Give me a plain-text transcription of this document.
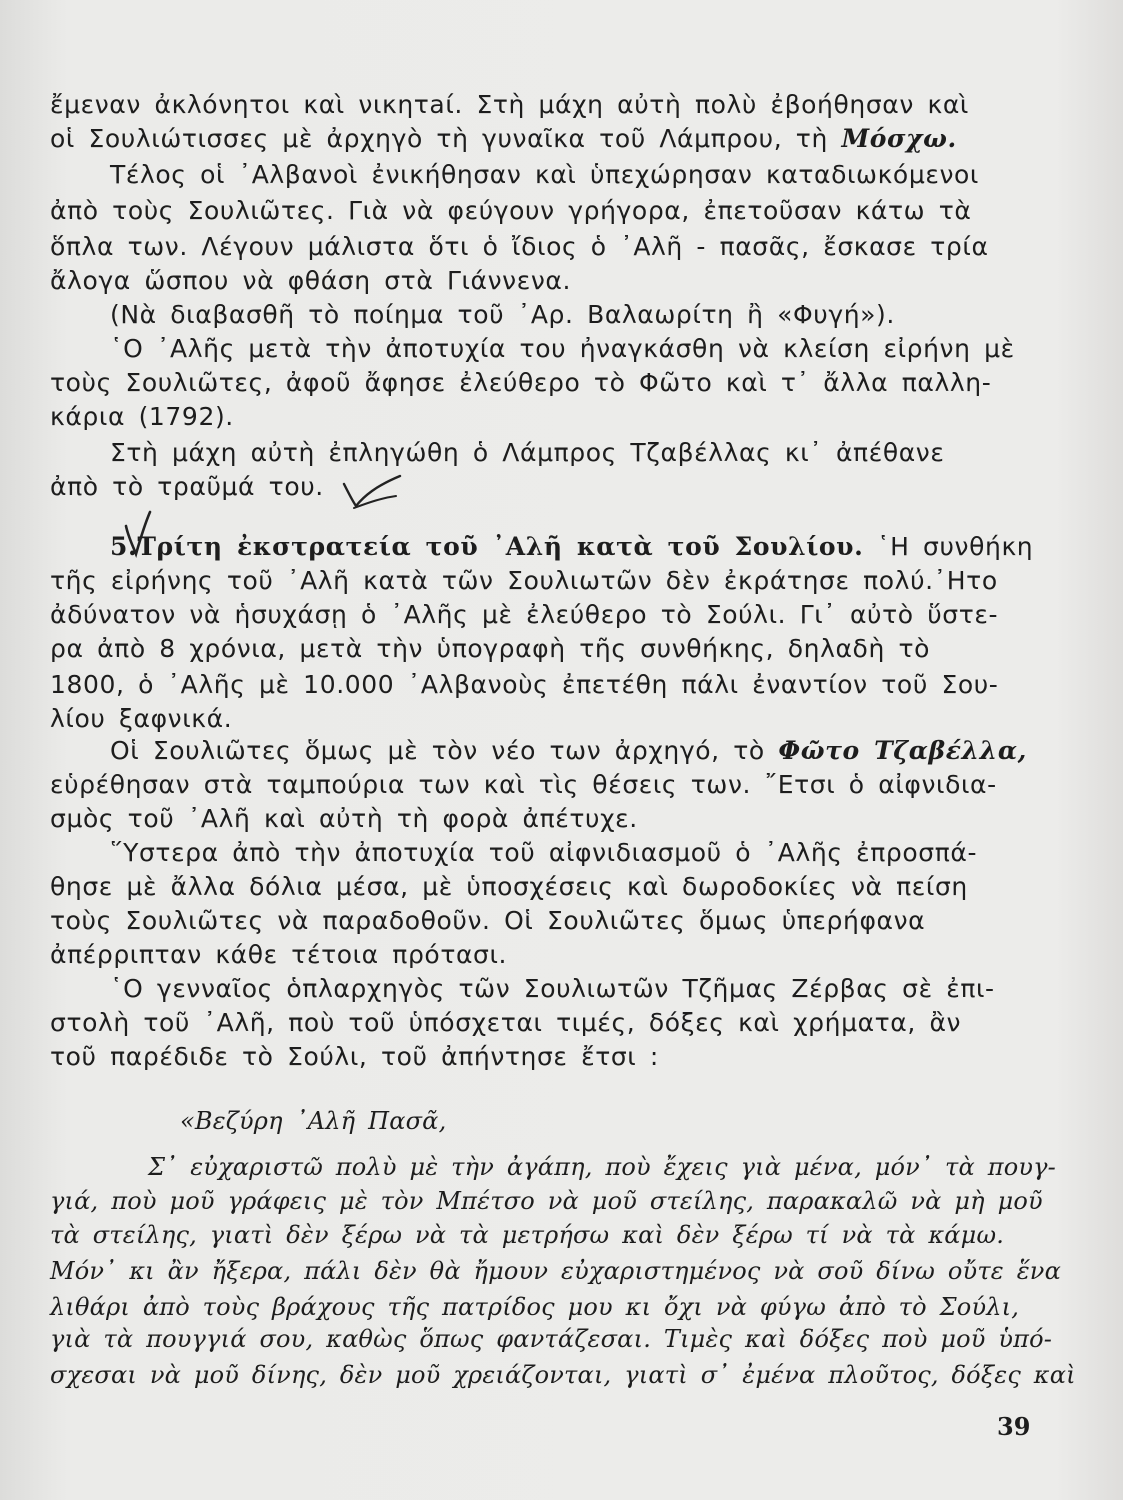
ἔμεναν ἀκλόνητοι καὶ νικητaί. Στὴ μάχη αὐτὴ πολὺ ἐβοήθησαν καὶ
οἱ Σουλιώτισσες μὲ ἀρχηγὸ τὴ γυναῖκα τοῦ Λάμπρου, τὴ Μόσχω.
Τέλος οἱ ᾿Αλβανοὶ ἐνικήθησαν καὶ ὑπεχώρησαν καταδιωκόμενοι
ἀπὸ τοὺς Σουλιῶτες. Γιὰ νὰ φεύγουν γρήγορα, ἐπετοῦσαν κάτω τὰ
ὅπλα των. Λέγουν μάλιστα ὅτι ὁ ἴδιος ὁ ᾿Αλῆ - πασᾶς, ἔσκασε τρία
ἄλογα ὥσπου νὰ φθάση στὰ Γιάννενα.
(Νὰ διαβασθῆ τὸ ποίημα τοῦ ᾿Αρ. Βαλαωρίτη ἢ «Φυγή»).
῾Ο ᾿Αλῆς μετὰ τὴν ἀποτυχία του ἠναγκάσθη νὰ κλείση εἰρήνη μὲ
τοὺς Σουλιῶτες, ἀφοῦ ἄφησε ἐλεύθερο τὸ Φῶτο καὶ τ᾿ ἄλλα παλλη-
κάρια (1792).
Στὴ μάχη αὐτὴ ἐπληγώθη ὁ Λάμπρος Τζαβέλλας κι᾿ ἀπέθανε
ἀπὸ τὸ τραῦμά του.
5.Τρίτη ἐκστρατεία τοῦ ᾿Αλῆ κατὰ τοῦ Σουλίου. ῾Η συνθήκη
τῆς εἰρήνης τοῦ ᾿Αλῆ κατὰ τῶν Σουλιωτῶν δὲν ἐκράτησε πολύ.᾿Ητο
ἀδύνατον νὰ ἡσυχάσῃ ὁ ᾿Αλῆς μὲ ἐλεύθερο τὸ Σούλι. Γι᾿ αὐτὸ ὕστε-
ρα ἀπὸ 8 χρόνια, μετὰ τὴν ὑπογραφὴ τῆς συνθήκης, δηλαδὴ τὸ
1800, ὁ ᾿Αλῆς μὲ 10.000 ᾿Αλβανοὺς ἐπετέθη πάλι ἐναντίον τοῦ Σου-
λίου ξαφνικά.
Οἱ Σουλιῶτες ὅμως μὲ τὸν νέο των ἀρχηγό, τὸ Φῶτο Τζαβέλλα,
εὑρέθησαν στὰ ταμπούρια των καὶ τὶς θέσεις των. ῎Ετσι ὁ αἰφνιδια-
σμὸς τοῦ ᾿Αλῆ καὶ αὐτὴ τὴ φορὰ ἀπέτυχε.
῞Υστερα ἀπὸ τὴν ἀποτυχία τοῦ αἰφνιδιασμοῦ ὁ ᾿Αλῆς ἐπροσπά-
θησε μὲ ἄλλα δόλια μέσα, μὲ ὑποσχέσεις καὶ δωροδοκίες νὰ πείση
τοὺς Σουλιῶτες νὰ παραδοθοῦν. Οἱ Σουλιῶτες ὅμως ὑπερήφανα
ἀπέρριπταν κάθε τέτοια πρότασι.
῾Ο γενναῖος ὁπλαρχηγὸς τῶν Σουλιωτῶν Τζῆμας Ζέρβας σὲ ἐπι-
στολὴ τοῦ ᾿Αλῆ, ποὺ τοῦ ὑπόσχεται τιμές, δόξες καὶ χρήματα, ἂν
τοῦ παρέδιδε τὸ Σούλι, τοῦ ἀπήντησε ἔτσι :
«Βεζύρη ᾿Αλῆ Πασᾶ,
Σ᾿ εὐχαριστῶ πολὺ μὲ τὴν ἀγάπη, ποὺ ἔχεις γιὰ μένα, μόν᾿ τὰ πουγ-
γιά, ποὺ μοῦ γράφεις μὲ τὸν Μπέτσο νὰ μοῦ στείλης, παρακαλῶ νὰ μὴ μοῦ
τὰ στείλης, γιατὶ δὲν ξέρω νὰ τὰ μετρήσω καὶ δὲν ξέρω τί νὰ τὰ κάμω.
Μόν᾿ κι ἂν ἤξερα, πάλι δὲν θὰ ἤμουν εὐχαριστημένος νὰ σοῦ δίνω οὔτε ἕνα
λιθάρι ἀπὸ τοὺς βράχους τῆς πατρίδος μου κι ὄχι νὰ φύγω ἀπὸ τὸ Σούλι,
γιὰ τὰ πουγγιά σου, καθὼς ὅπως φαντάζεσαι. Τιμὲς καὶ δόξες ποὺ μοῦ ὑπό-
σχεσαι νὰ μοῦ δίνης, δὲν μοῦ χρειάζονται, γιατὶ σ᾿ ἐμένα πλοῦτος, δόξες καὶ
39
